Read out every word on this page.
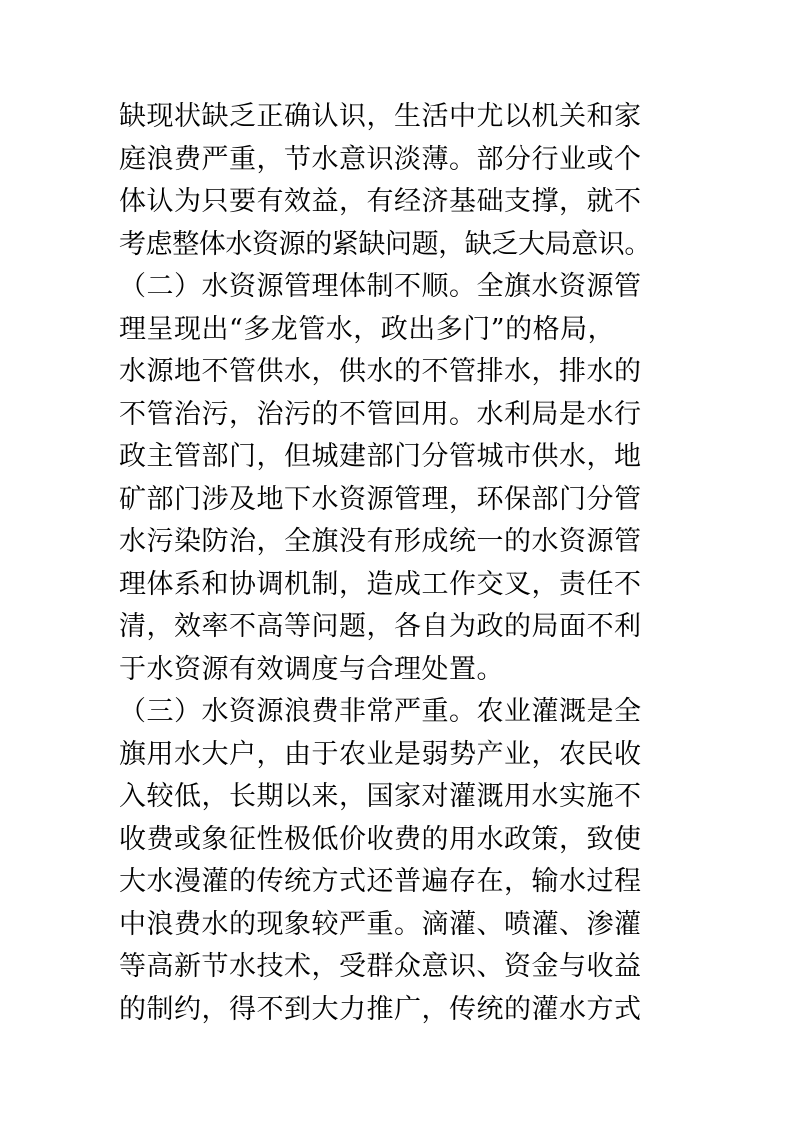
缺现状缺乏正确认识，生活中尤以机关和家
庭浪费严重，节水意识淡薄。部分行业或个
体认为只要有效益，有经济基础支撑，就不
考虑整体水资源的紧缺问题，缺乏大局意识。
（二）水资源管理体制不顺。全旗水资源管
理呈现出“多龙管水，政出多门”的格局，
水源地不管供水，供水的不管排水，排水的
不管治污，治污的不管回用。水利局是水行
政主管部门，但城建部门分管城市供水，地
矿部门涉及地下水资源管理，环保部门分管
水污染防治，全旗没有形成统一的水资源管
理体系和协调机制，造成工作交叉，责任不
清，效率不高等问题，各自为政的局面不利
于水资源有效调度与合理处置。
（三）水资源浪费非常严重。农业灌溉是全
旗用水大户，由于农业是弱势产业，农民收
入较低，长期以来，国家对灌溉用水实施不
收费或象征性极低价收费的用水政策，致使
大水漫灌的传统方式还普遍存在，输水过程
中浪费水的现象较严重。滴灌、喷灌、渗灌
等高新节水技术，受群众意识、资金与收益
的制约，得不到大力推广，传统的灌水方式
